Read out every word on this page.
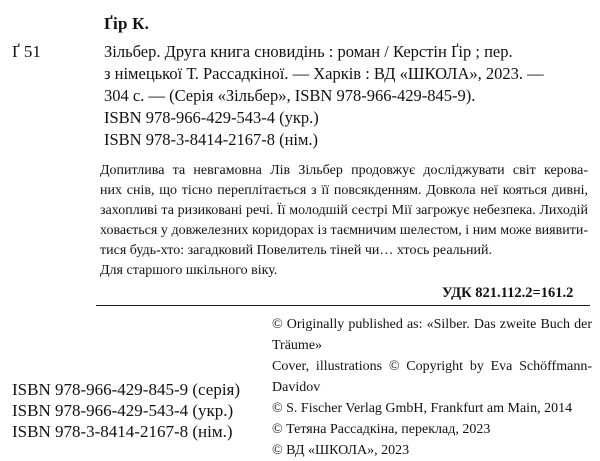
Ґір К.
Ґ 51	Зільбер. Друга книга сновидінь : роман / Керстін Ґір ; пер.
з німецької Т. Рассадкіної. — Харків : ВД «ШКОЛА», 2023. —
304 с. — (Серія «Зільбер», ISBN 978-966-429-845-9).
ISBN 978-966-429-543-4 (укр.)
ISBN 978-3-8414-2167-8 (нім.)
Допитлива та невгамовна Лів Зільбер продовжує досліджувати світ керова-
них снів, що тісно переплітається з її повсякденням. Довкола неї кояться дивні,
захопливі та ризиковані речі. Її молодшій сестрі Мії загрожує небезпека. Лиходій
ховається у довжелезних коридорах із таємничим шелестом, і ним може виявити-
тися будь-хто: загадковий Повелитель тіней чи… хтось реальний.
Для старшого шкільного віку.
УДК 821.112.2=161.2
© Originally published as: «Silber. Das zweite Buch der
Träume»
Cover, illustrations © Copyright by Eva Schöffmann-
Davidov
© S. Fischer Verlag GmbH, Frankfurt am Main, 2014
© Тетяна Рассадкіна, переклад, 2023
© ВД «ШКОЛА», 2023
ISBN 978-966-429-845-9 (серія)
ISBN 978-966-429-543-4 (укр.)
ISBN 978-3-8414-2167-8 (нім.)
